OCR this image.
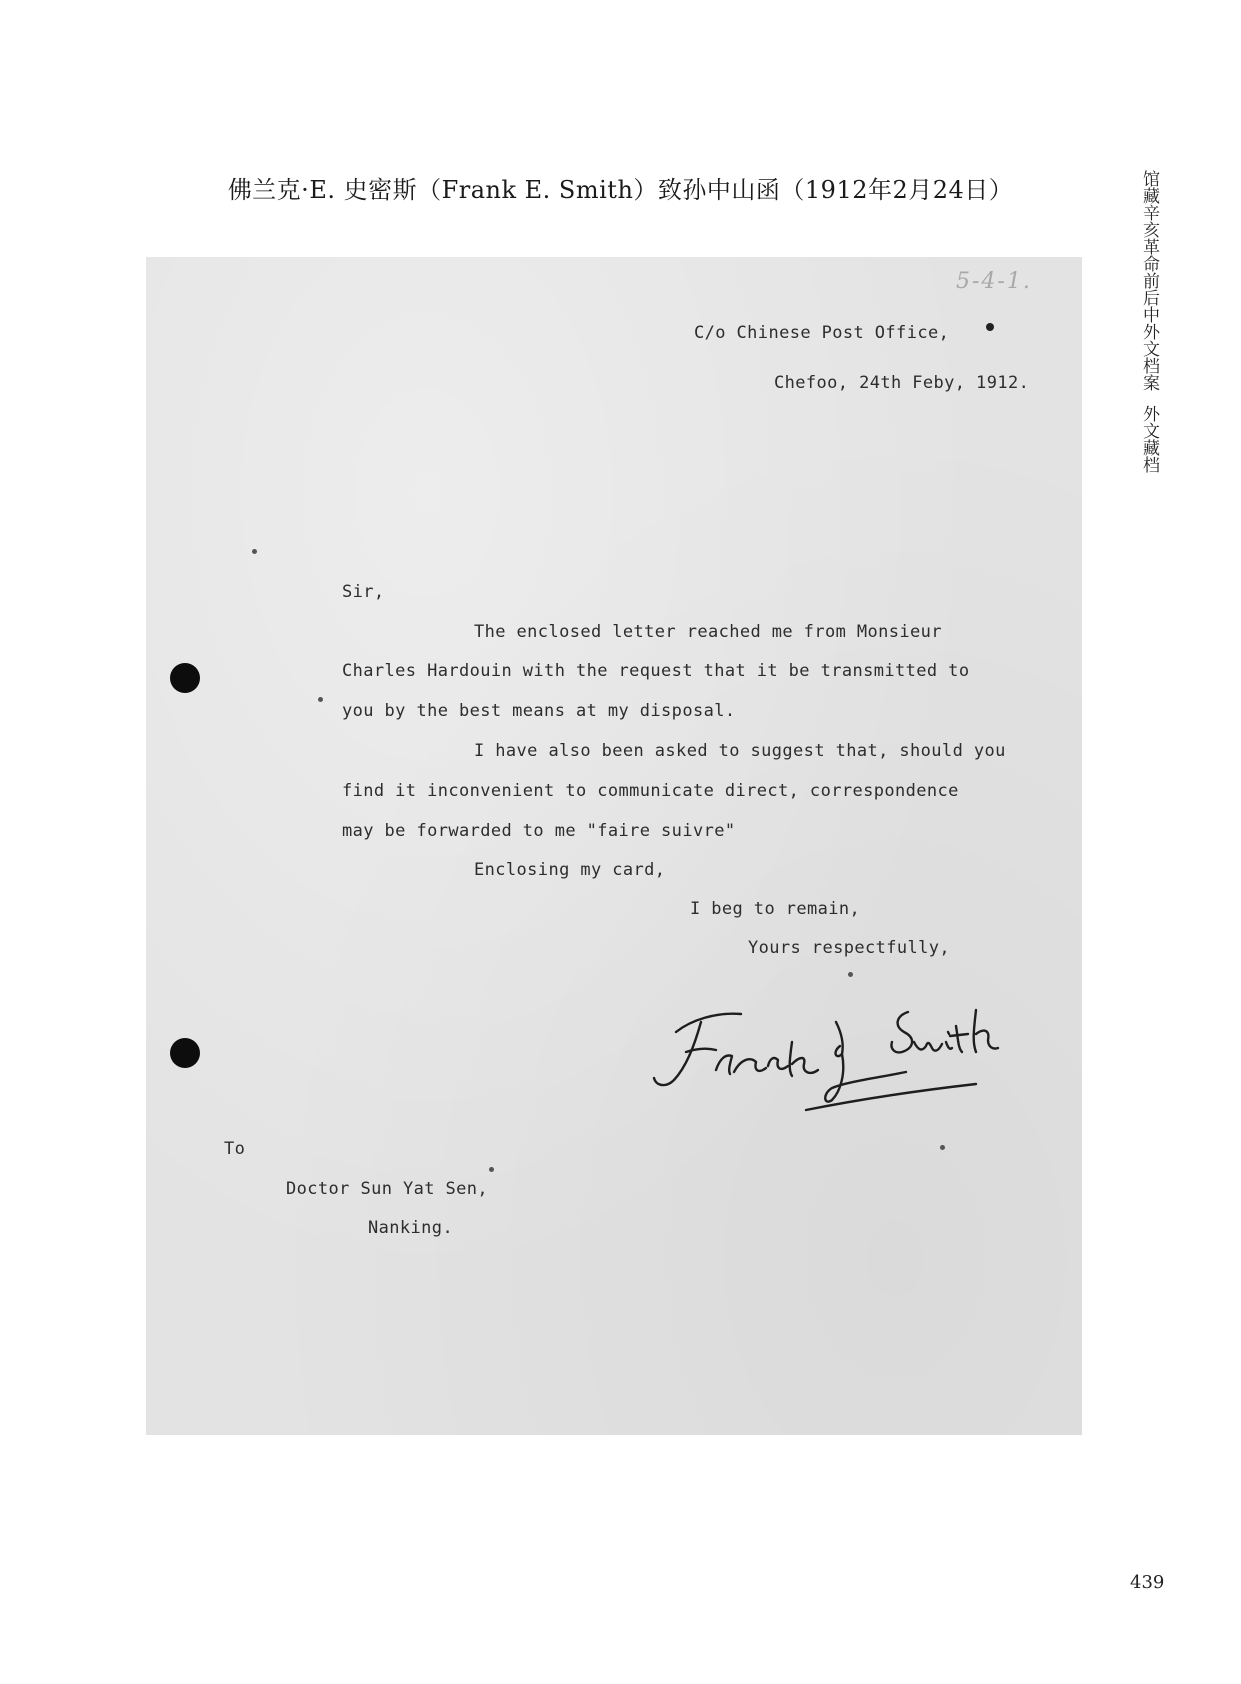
佛兰克·E. 史密斯（Frank E. Smith）致孙中山函（1912年2月24日）	馆藏辛亥革命前后中外文档案外文藏档
5-4-1.
C/o Chinese Post Office,
Chefoo, 24th Feby, 1912.
Sir,
The enclosed letter reached me from Monsieur
Charles Hardouin with the request that it be transmitted to
you by the best means at my disposal.
I have also been asked to suggest that, should you
find it inconvenient to communicate direct, correspondence
may be forwarded to me "faire suivre"
Enclosing my card,
I beg to remain,
Yours respectfully,
To
Doctor Sun Yat Sen,
Nanking.
439
